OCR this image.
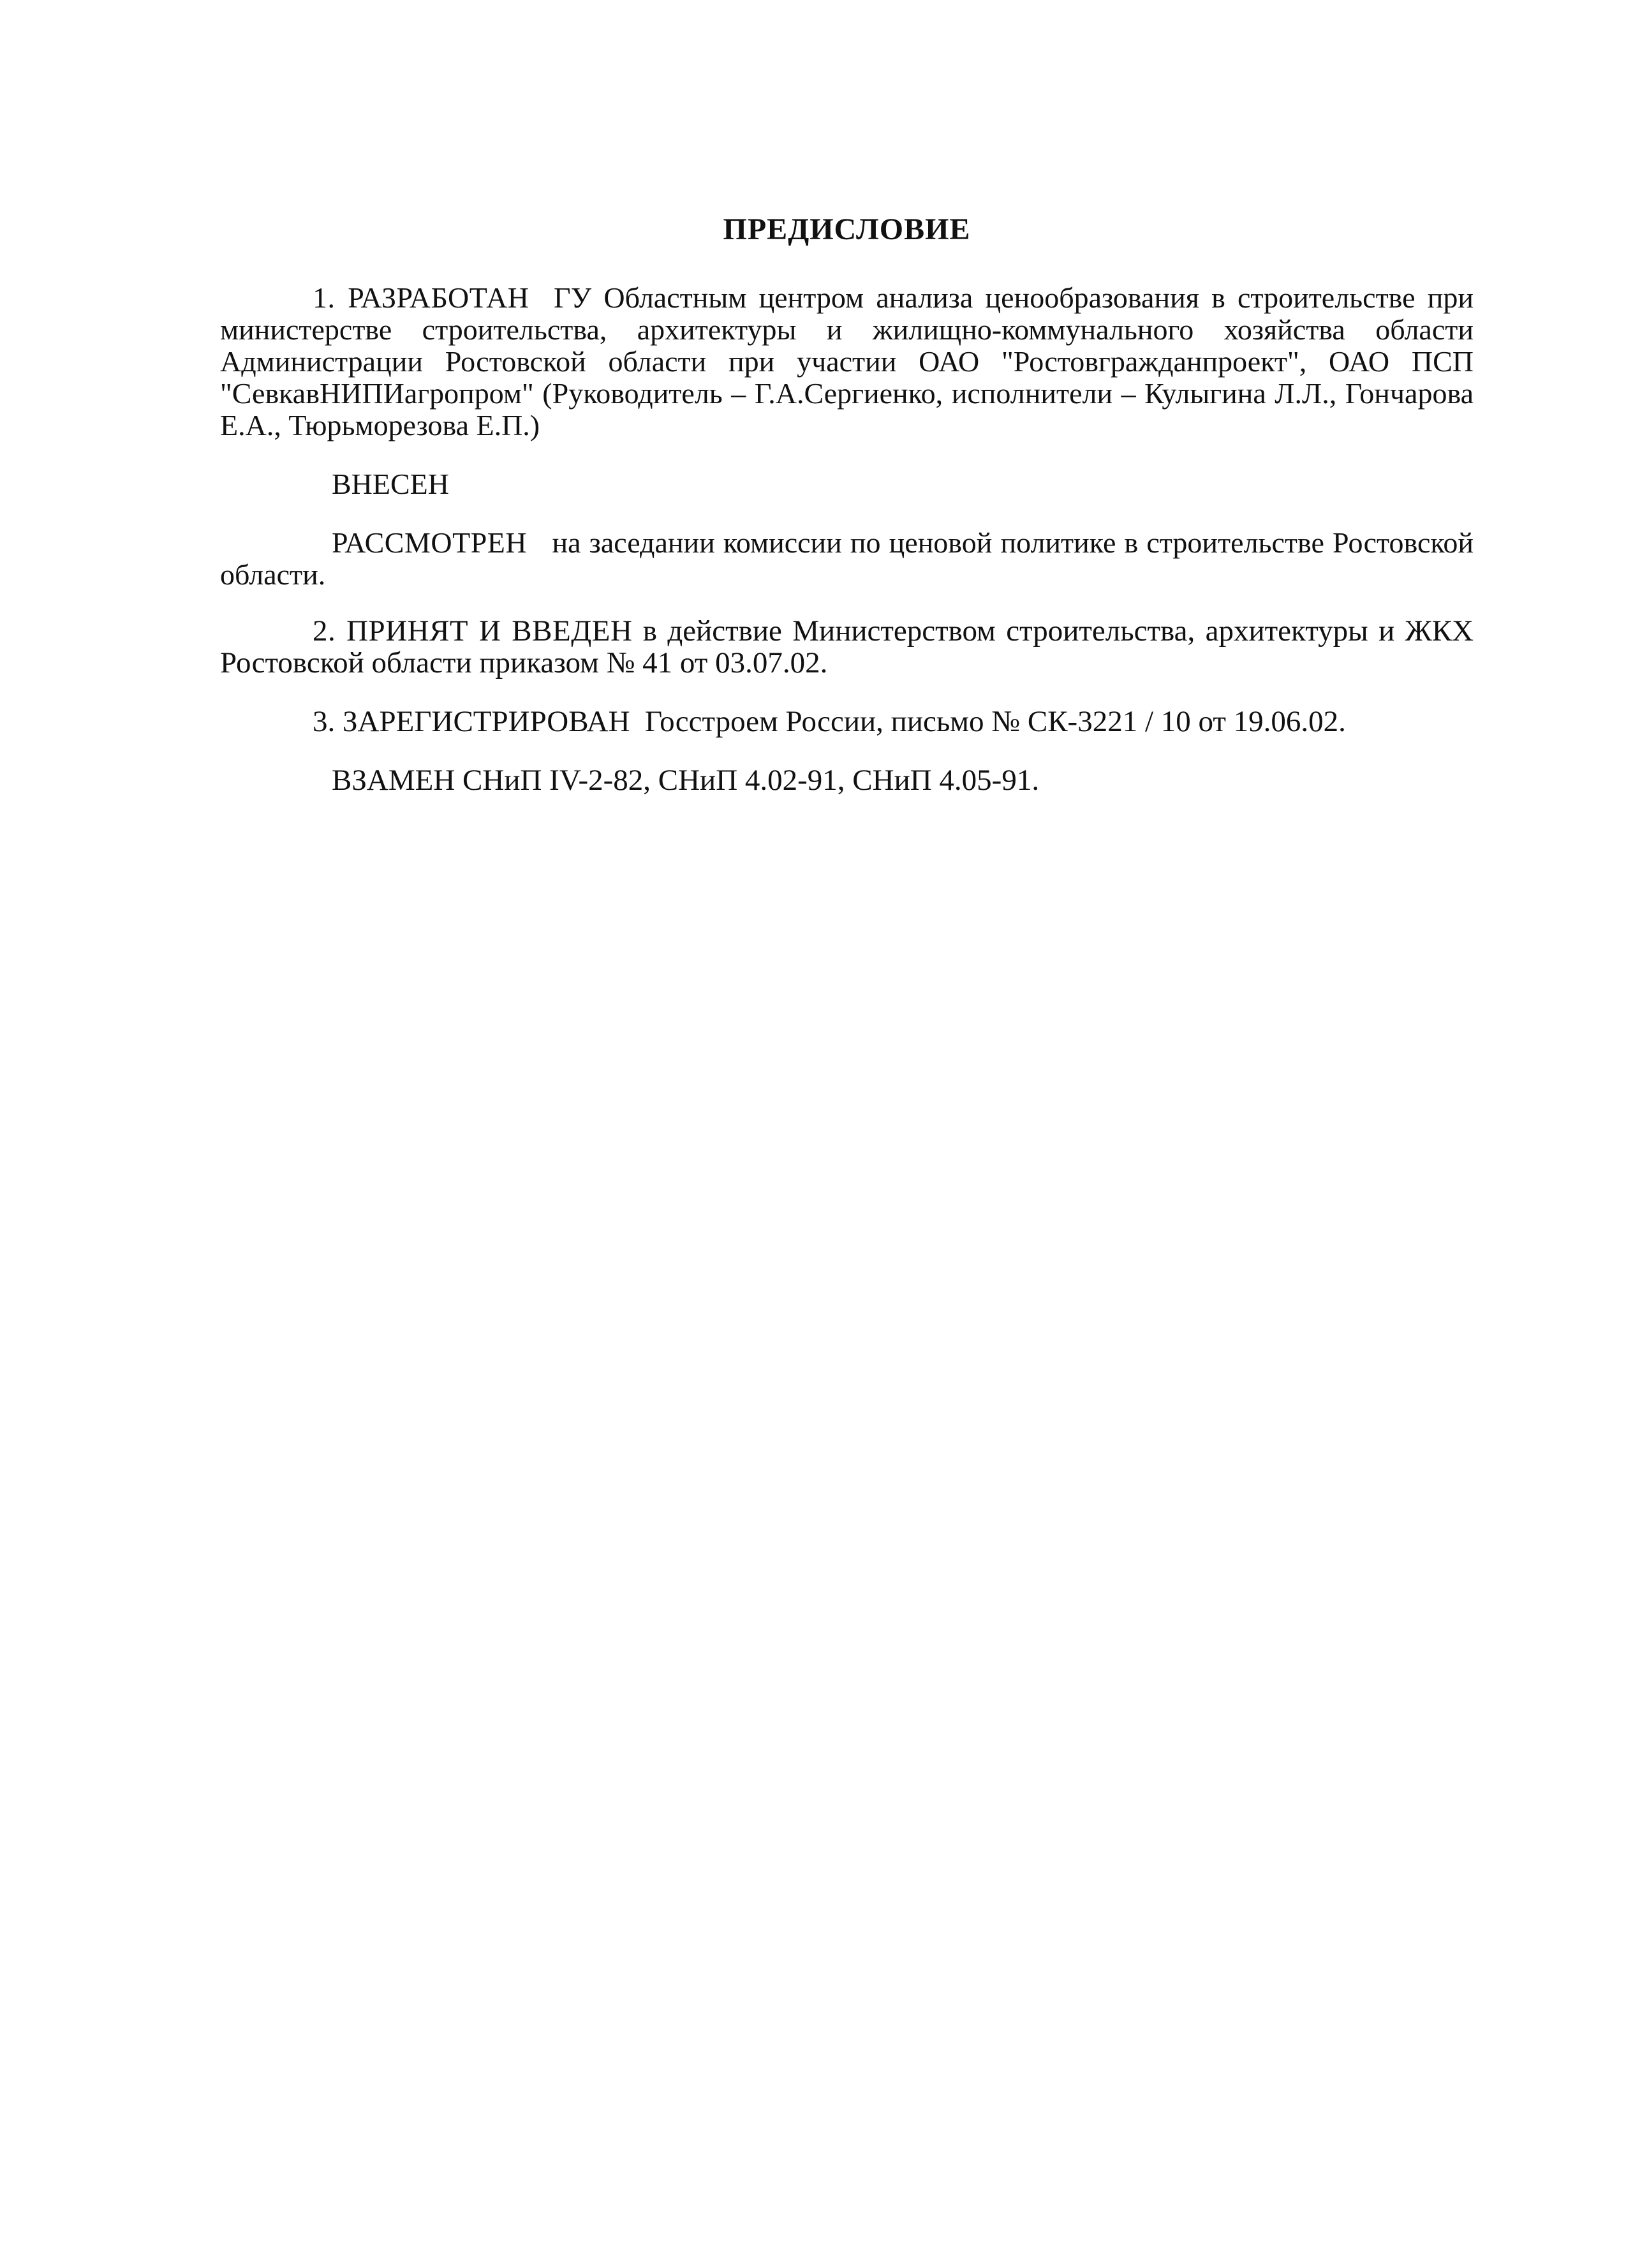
ПРЕДИСЛОВИЕ

1. РАЗРАБОТАН ГУ Областным центром анализа ценообразования в строительстве при министерстве строительства, архитектуры и жилищно-коммунального хозяйства области Администрации Ростовской области при участии ОАО "Ростовгражданпроект", ОАО ПСП "СевкавНИПИагропром" (Руководитель – Г.А.Сергиенко, исполнители – Кулыгина Л.Л., Гончарова Е.А., Тюрьморезова Е.П.)

ВНЕСЕН

РАССМОТРЕН на заседании комиссии по ценовой политике в строительстве Ростовской области.

2. ПРИНЯТ И ВВЕДЕН в действие Министерством строительства, архитектуры и ЖКХ Ростовской области приказом № 41 от 03.07.02.

3. ЗАРЕГИСТРИРОВАН Госстроем России, письмо № СК-3221 / 10 от 19.06.02.

ВЗАМЕН СНиП IV-2-82, СНиП 4.02-91, СНиП 4.05-91.
